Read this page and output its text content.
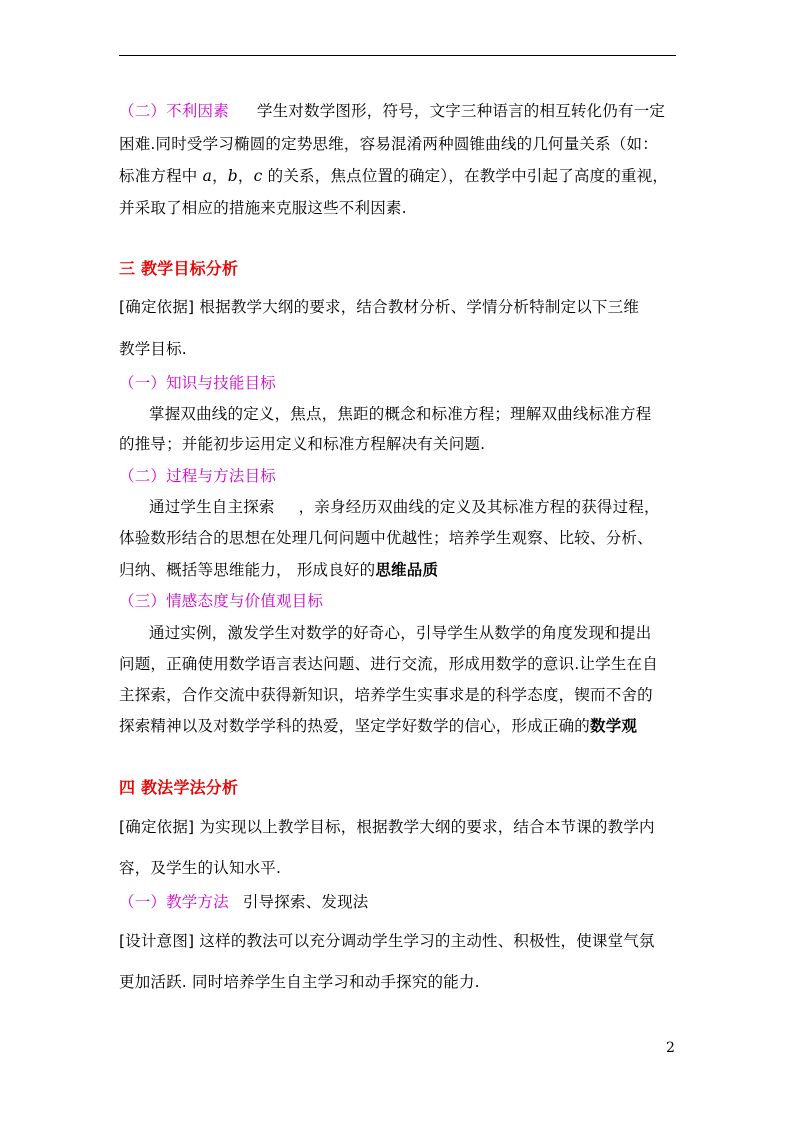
（二）不利因素 学生对数学图形，符号，文字三种语言的相互转化仍有一定
困难.同时受学习椭圆的定势思维，容易混淆两种圆锥曲线的几何量关系（如：
标准方程中 a，b，c 的关系，焦点位置的确定），在教学中引起了高度的重视，
并采取了相应的措施来克服这些不利因素.
三 教学目标分析
[确定依据] 根据教学大纲的要求，结合教材分析、学情分析特制定以下三维
教学目标.
（一）知识与技能目标
掌握双曲线的定义，焦点，焦距的概念和标准方程；理解双曲线标准方程
的推导；并能初步运用定义和标准方程解决有关问题.
（二）过程与方法目标
通过学生自主探索 ，亲身经历双曲线的定义及其标准方程的获得过程，
体验数形结合的思想在处理几何问题中优越性；培养学生观察、比较、分析、
归纳、概括等思维能力， 形成良好的思维品质
（三）情感态度与价值观目标
通过实例，激发学生对数学的好奇心，引导学生从数学的角度发现和提出
问题，正确使用数学语言表达问题、进行交流，形成用数学的意识.让学生在自
主探索，合作交流中获得新知识，培养学生实事求是的科学态度，锲而不舍的
探索精神以及对数学学科的热爱，坚定学好数学的信心，形成正确的数学观
四 教法学法分析
[确定依据] 为实现以上教学目标，根据教学大纲的要求，结合本节课的教学内
容，及学生的认知水平.
（一）教学方法 引导探索、发现法
[设计意图] 这样的教法可以充分调动学生学习的主动性、积极性，使课堂气氛
更加活跃. 同时培养学生自主学习和动手探究的能力.
2
